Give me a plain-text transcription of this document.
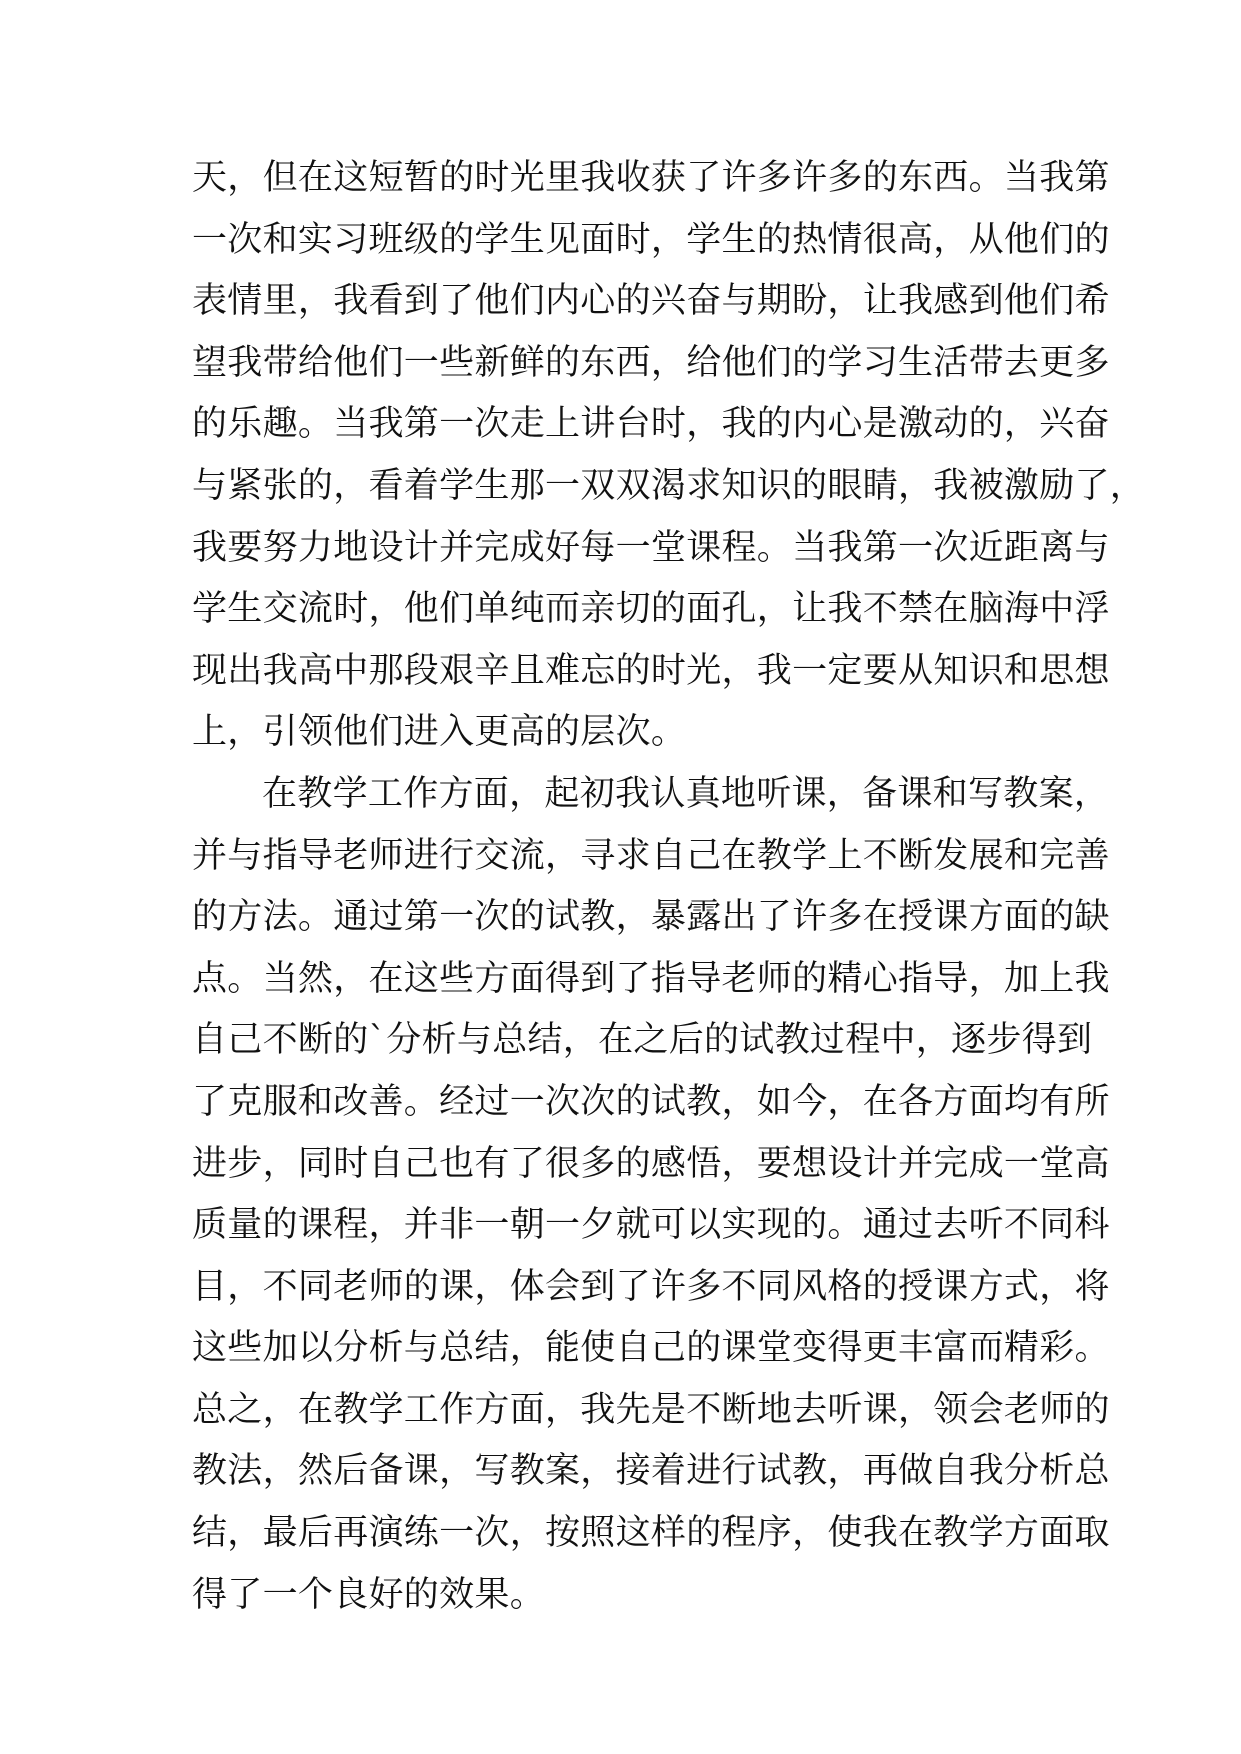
天，但在这短暂的时光里我收获了许多许多的东西。当我第
一次和实习班级的学生见面时，学生的热情很高，从他们的
表情里，我看到了他们内心的兴奋与期盼，让我感到他们希
望我带给他们一些新鲜的东西，给他们的学习生活带去更多
的乐趣。当我第一次走上讲台时，我的内心是激动的，兴奋
与紧张的，看着学生那一双双渴求知识的眼睛，我被激励了，
我要努力地设计并完成好每一堂课程。当我第一次近距离与
学生交流时，他们单纯而亲切的面孔，让我不禁在脑海中浮
现出我高中那段艰辛且难忘的时光，我一定要从知识和思想
上，引领他们进入更高的层次。
在教学工作方面，起初我认真地听课，备课和写教案，
并与指导老师进行交流，寻求自己在教学上不断发展和完善
的方法。通过第一次的试教，暴露出了许多在授课方面的缺
点。当然，在这些方面得到了指导老师的精心指导，加上我
自己不断的`分析与总结，在之后的试教过程中，逐步得到
了克服和改善。经过一次次的试教，如今，在各方面均有所
进步，同时自己也有了很多的感悟，要想设计并完成一堂高
质量的课程，并非一朝一夕就可以实现的。通过去听不同科
目，不同老师的课，体会到了许多不同风格的授课方式，将
这些加以分析与总结，能使自己的课堂变得更丰富而精彩。
总之，在教学工作方面，我先是不断地去听课，领会老师的
教法，然后备课，写教案，接着进行试教，再做自我分析总
结，最后再演练一次，按照这样的程序，使我在教学方面取
得了一个良好的效果。
